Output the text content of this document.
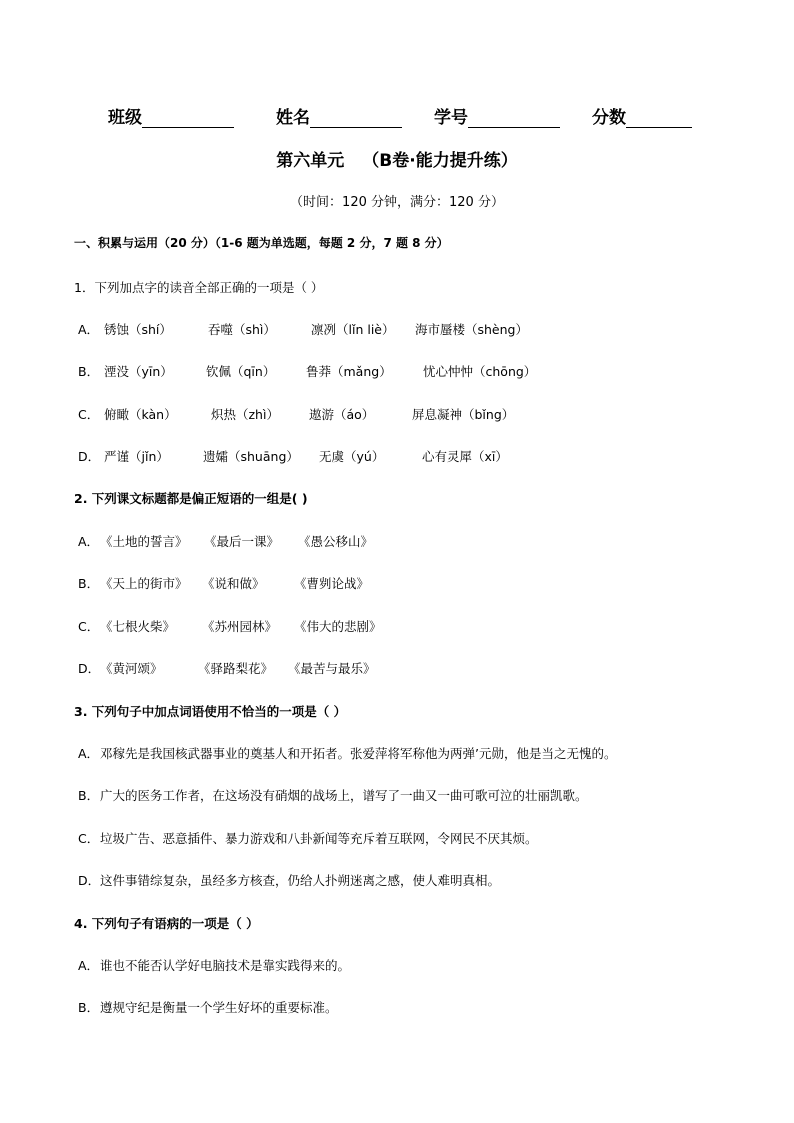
班级	姓名	学号	分数
第六单元 （B卷·能力提升练）
（时间：120 分钟，满分：120 分）
一、积累与运用（20 分）（1-6 题为单选题，每题 2 分，7 题 8 分）
1．下列加点字的读音全部正确的一项是（ ）
A． 锈蚀（shí）	吞噬（shì）	凛冽（lǐn liè） 海市蜃楼（shèng）
B． 湮没（yīn）	钦佩（qīn） 鲁莽（mǎng）	忧心忡忡（chōng）
C． 俯瞰（kàn）	炽热（zhì） 遨游（áo）	屏息凝神（bǐng）
D． 严谨（jǐn）	遗孀（shuāng） 无虞（yú）	心有灵犀（xī）
2. 下列课文标题都是偏正短语的一组是( )
A． 《土地的誓言》 《最后一课》 《愚公移山》
B． 《天上的街市》 《说和做》 《曹刿论战》
C． 《七根火柴》 《苏州园林》 《伟大的悲剧》
D． 《黄河颂》	《驿路梨花》 《最苦与最乐》
3. 下列句子中加点词语使用不恰当的一项是（ ）
A．邓稼先是我国核武器事业的奠基人和开拓者。张爱萍将军称他为两弹’元勋，他是当之无愧的。
B．广大的医务工作者，在这场没有硝烟的战场上，谱写了一曲又一曲可歌可泣的壮丽凯歌。
C．垃圾广告、恶意插件、暴力游戏和八卦新闻等充斥着互联网，令网民不厌其烦。
D．这件事错综复杂，虽经多方核查，仍给人扑朔迷离之感，使人难明真相。
4. 下列句子有语病的一项是（ ）
A．谁也不能否认学好电脑技术是靠实践得来的。
B．遵规守纪是衡量一个学生好坏的重要标准。
